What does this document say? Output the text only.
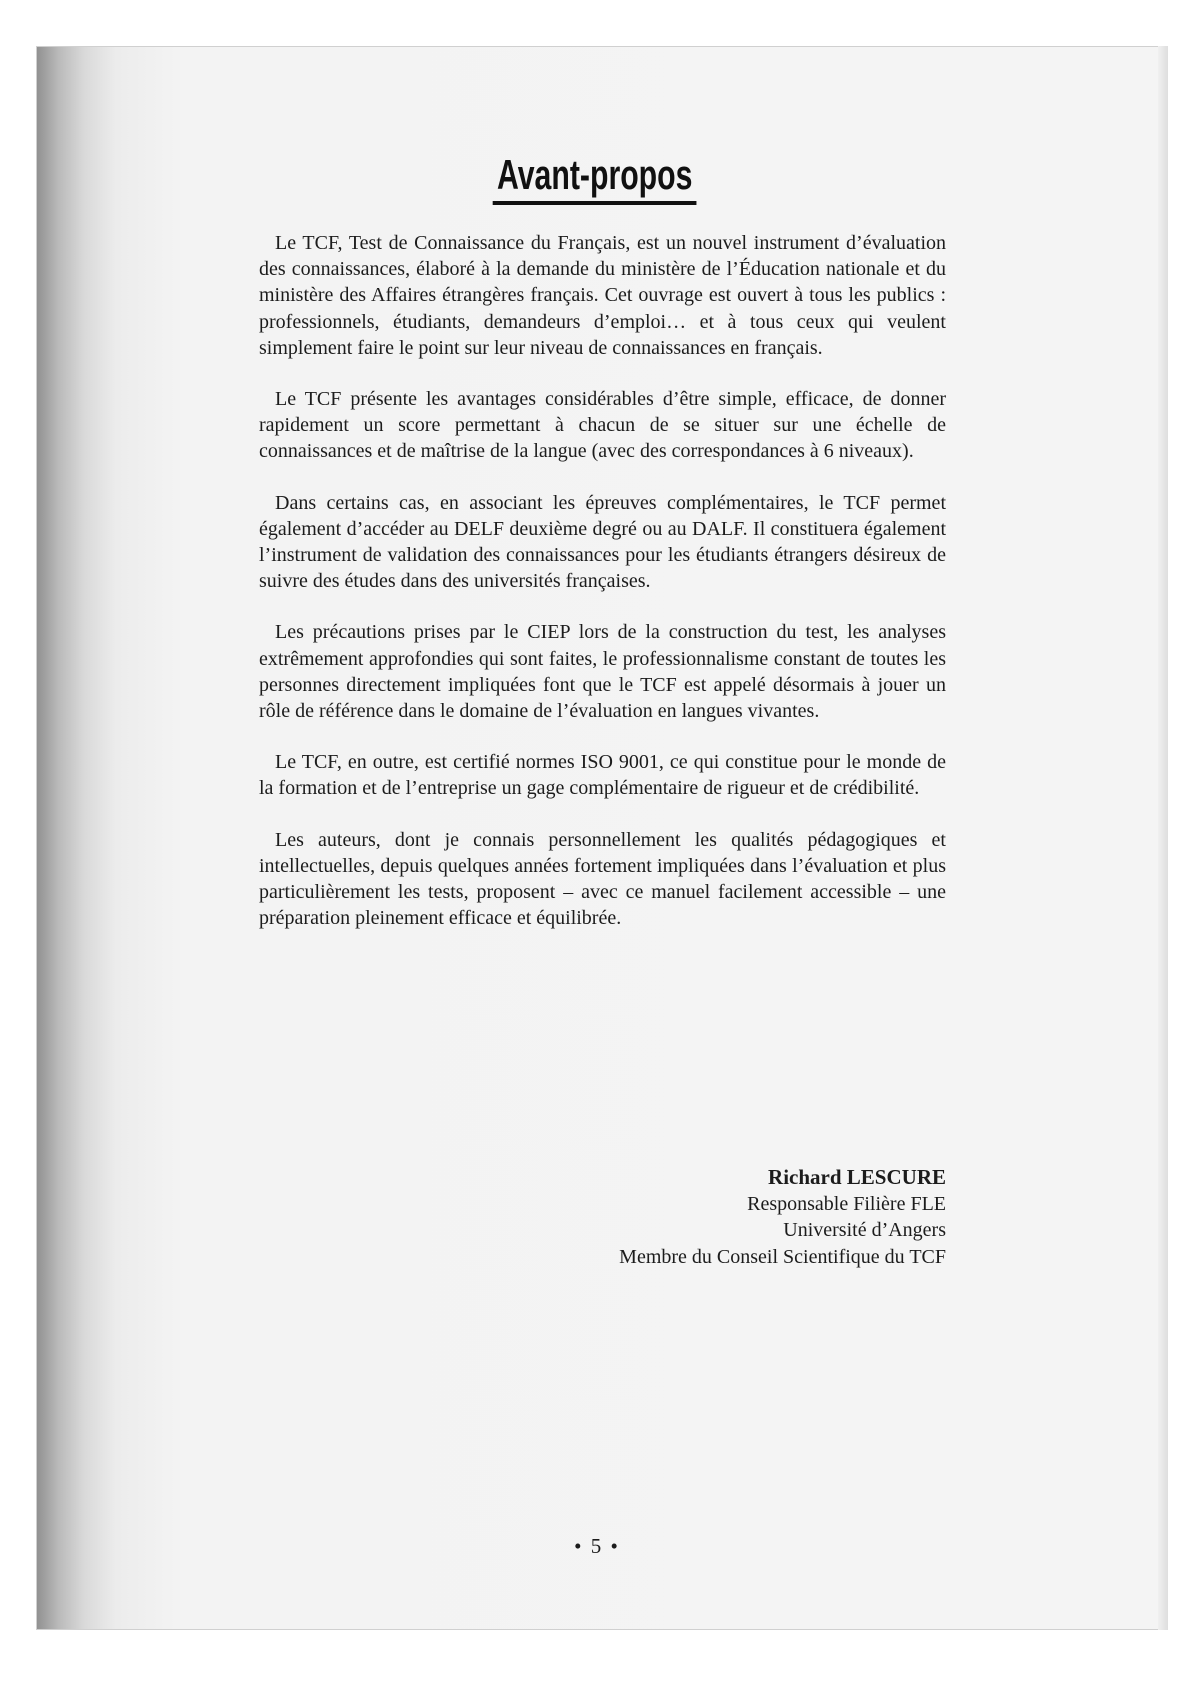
Avant-propos

Le TCF, Test de Connaissance du Français, est un nouvel instrument d’évaluation des connaissances, élaboré à la demande du ministère de l’Éducation nationale et du ministère des Affaires étrangères français. Cet ouvrage est ouvert à tous les publics : professionnels, étudiants, demandeurs d’emploi… et à tous ceux qui veulent simplement faire le point sur leur niveau de connaissances en français.

Le TCF présente les avantages considérables d’être simple, efficace, de donner rapidement un score permettant à chacun de se situer sur une échelle de connaissances et de maîtrise de la langue (avec des correspondances à 6 niveaux).

Dans certains cas, en associant les épreuves complémentaires, le TCF permet également d’accéder au DELF deuxième degré ou au DALF. Il constituera également l’instrument de validation des connaissances pour les étudiants étrangers désireux de suivre des études dans des universités françaises.

Les précautions prises par le CIEP lors de la construction du test, les analyses extrêmement approfondies qui sont faites, le professionnalisme constant de toutes les personnes directement impliquées font que le TCF est appelé désormais à jouer un rôle de référence dans le domaine de l’évaluation en langues vivantes.

Le TCF, en outre, est certifié normes ISO 9001, ce qui constitue pour le monde de la formation et de l’entreprise un gage complémentaire de rigueur et de crédibilité.

Les auteurs, dont je connais personnellement les qualités pédagogiques et intellectuelles, depuis quelques années fortement impliquées dans l’évaluation et plus particulièrement les tests, proposent – avec ce manuel facilement accessible – une préparation pleinement efficace et équilibrée.

Richard LESCURE
Responsable Filière FLE
Université d’Angers
Membre du Conseil Scientifique du TCF
• 5 •
